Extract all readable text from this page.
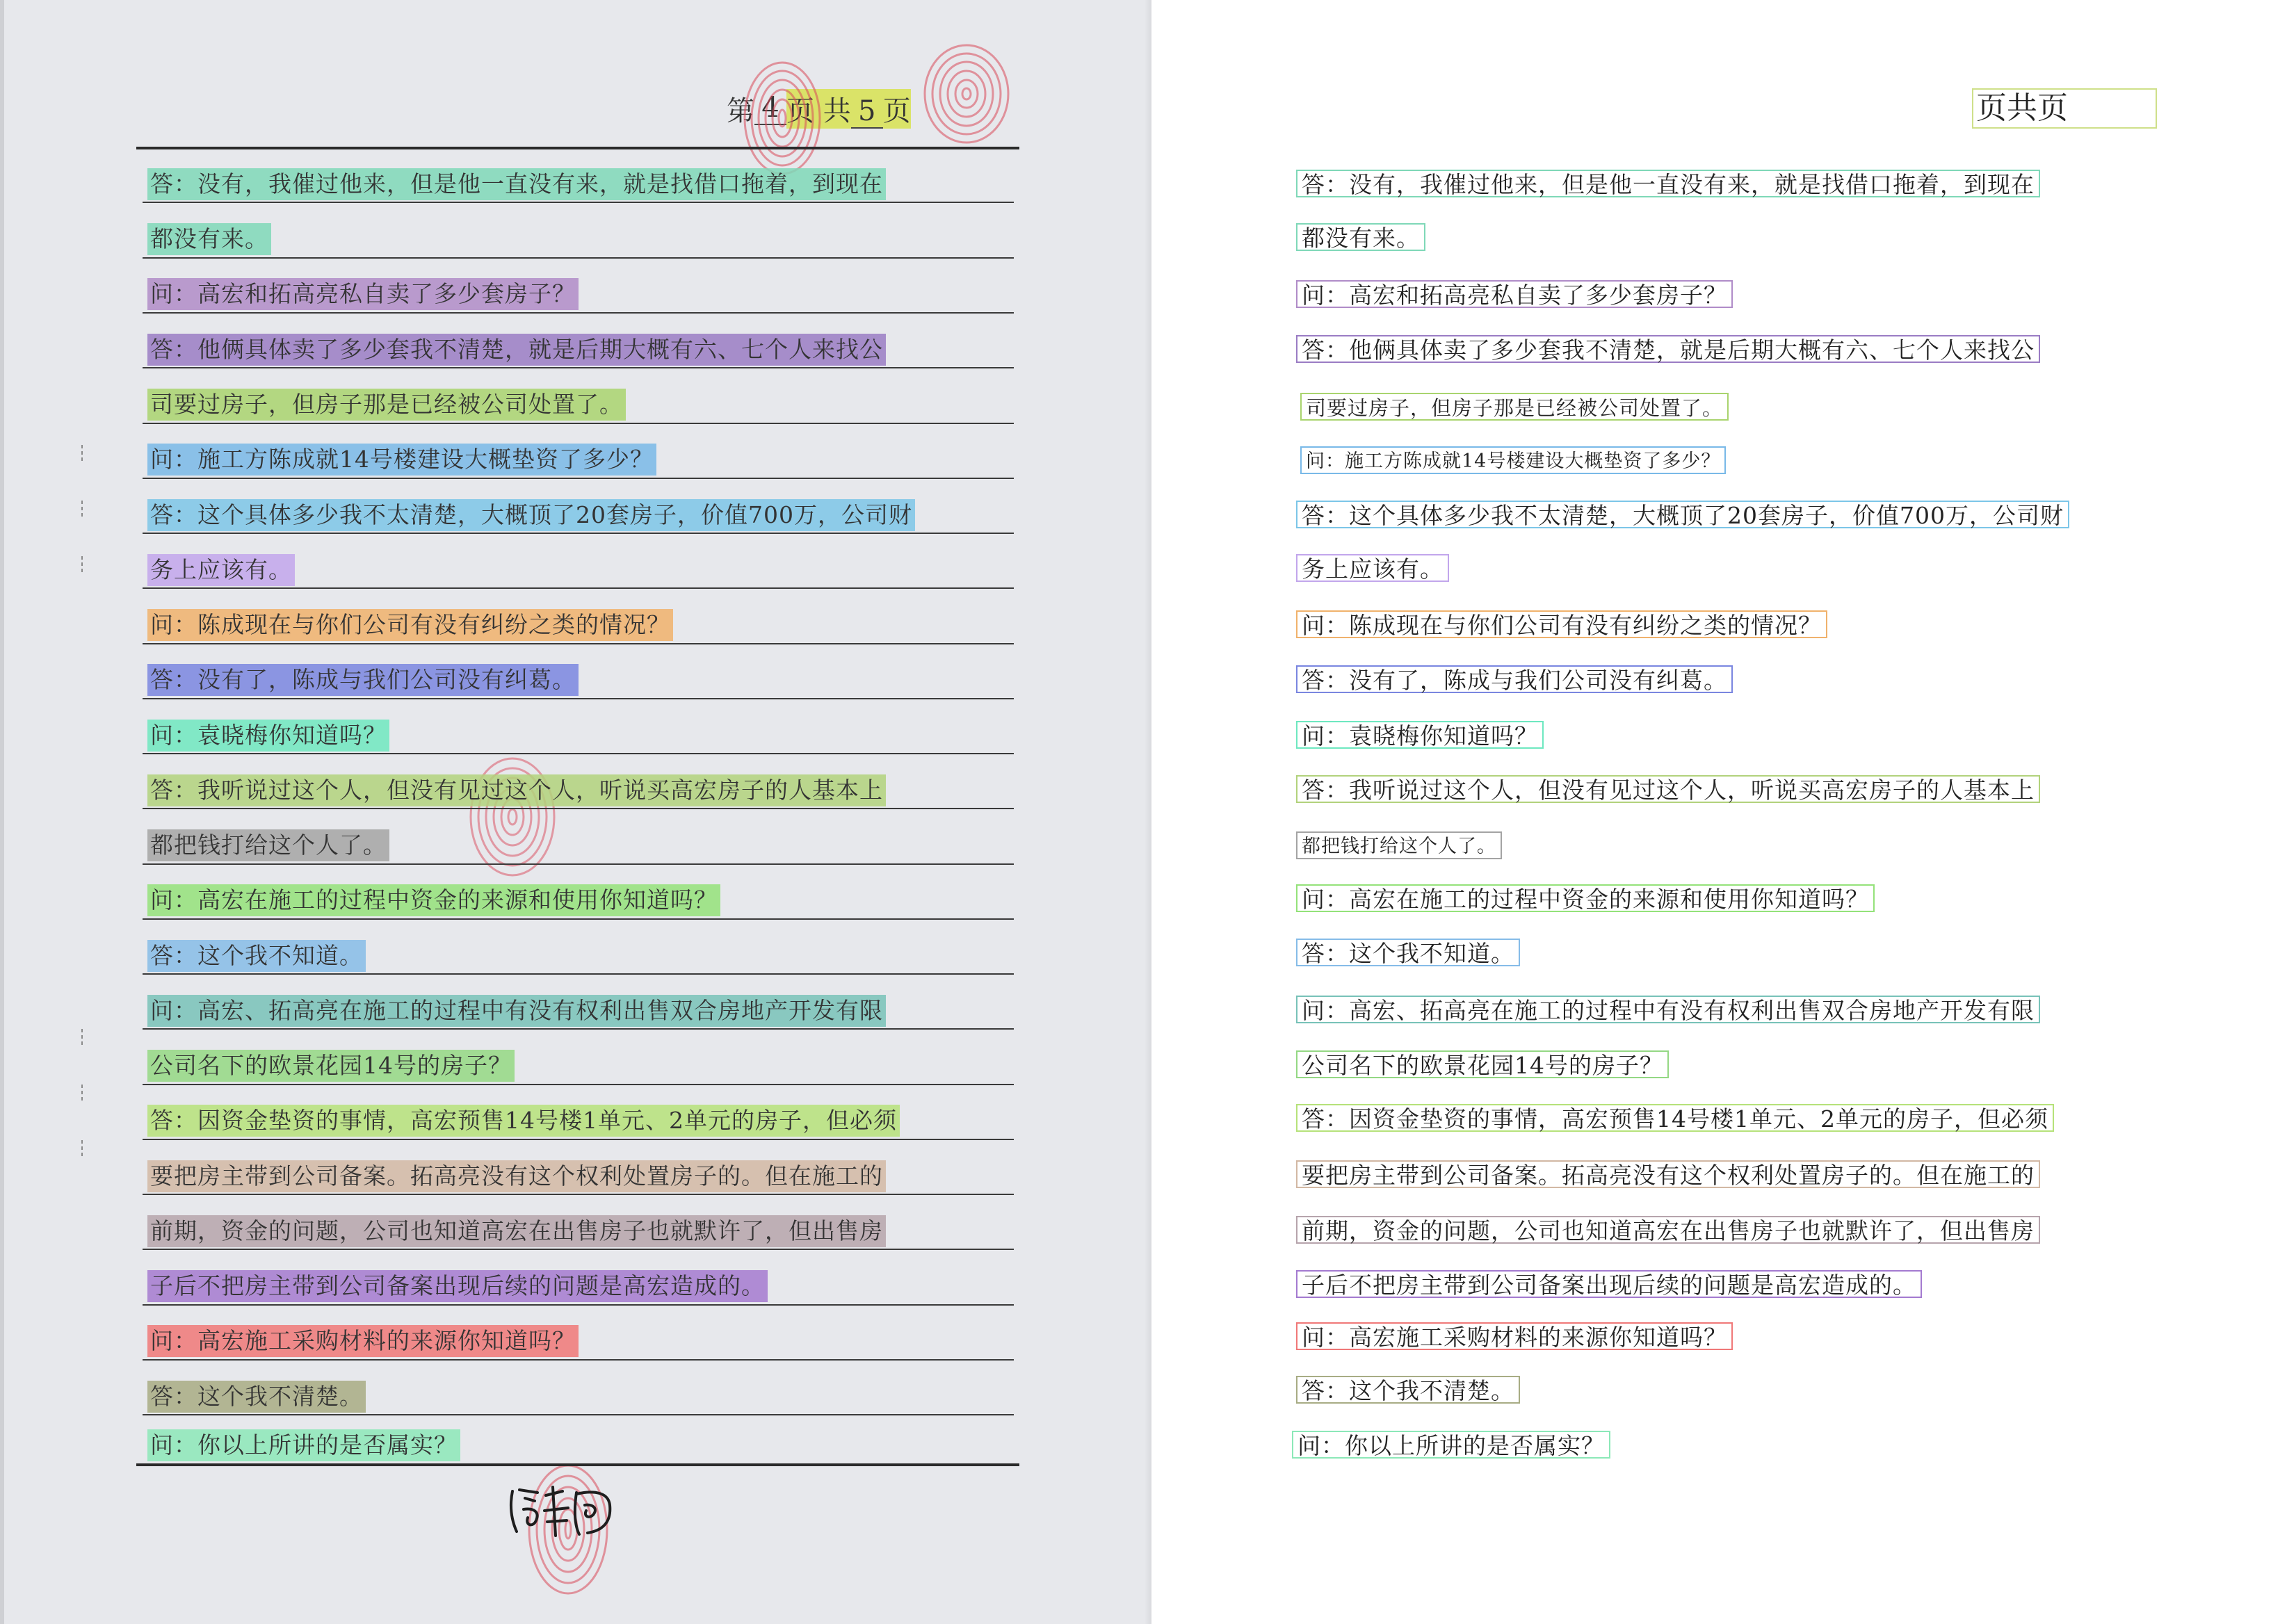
第 4 页 共 5 页
答：没有，我催过他来，但是他一直没有来，就是找借口拖着，到现在
都没有来。
问：高宏和拓高亮私自卖了多少套房子？
答：他俩具体卖了多少套我不清楚，就是后期大概有六、七个人来找公
司要过房子，但房子那是已经被公司处置了。
问：施工方陈成就14号楼建设大概垫资了多少？
答：这个具体多少我不太清楚，大概顶了20套房子，价值700万，公司财
务上应该有。
问：陈成现在与你们公司有没有纠纷之类的情况？
答：没有了，陈成与我们公司没有纠葛。
问：袁晓梅你知道吗？
答：我听说过这个人，但没有见过这个人，听说买高宏房子的人基本上
都把钱打给这个人了。
问：高宏在施工的过程中资金的来源和使用你知道吗？
答：这个我不知道。
问：高宏、拓高亮在施工的过程中有没有权利出售双合房地产开发有限
公司名下的欧景花园14号的房子？
答：因资金垫资的事情，高宏预售14号楼1单元、2单元的房子，但必须
要把房主带到公司备案。拓高亮没有这个权利处置房子的。但在施工的
前期，资金的问题，公司也知道高宏在出售房子也就默许了，但出售房
子后不把房主带到公司备案出现后续的问题是高宏造成的。
问：高宏施工采购材料的来源你知道吗？
答：这个我不清楚。
问：你以上所讲的是否属实？
页共页
答：没有，我催过他来，但是他一直没有来，就是找借口拖着，到现在
都没有来。
问：高宏和拓高亮私自卖了多少套房子？
答：他俩具体卖了多少套我不清楚，就是后期大概有六、七个人来找公
司要过房子，但房子那是已经被公司处置了。
问：施工方陈成就14号楼建设大概垫资了多少？
答：这个具体多少我不太清楚，大概顶了20套房子，价值700万，公司财
务上应该有。
问：陈成现在与你们公司有没有纠纷之类的情况？
答：没有了，陈成与我们公司没有纠葛。
问：袁晓梅你知道吗？
答：我听说过这个人，但没有见过这个人，听说买高宏房子的人基本上
都把钱打给这个人了。
问：高宏在施工的过程中资金的来源和使用你知道吗？
答：这个我不知道。
问：高宏、拓高亮在施工的过程中有没有权利出售双合房地产开发有限
公司名下的欧景花园14号的房子？
答：因资金垫资的事情，高宏预售14号楼1单元、2单元的房子，但必须
要把房主带到公司备案。拓高亮没有这个权利处置房子的。但在施工的
前期，资金的问题，公司也知道高宏在出售房子也就默许了，但出售房
子后不把房主带到公司备案出现后续的问题是高宏造成的。
问：高宏施工采购材料的来源你知道吗？
答：这个我不清楚。
问：你以上所讲的是否属实？
